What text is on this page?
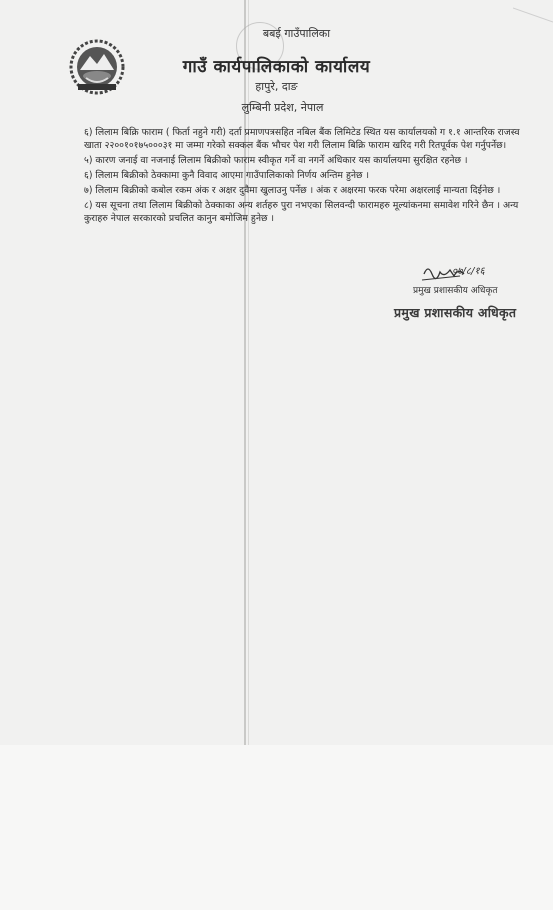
बबई गाउँपालिका
गाउँ कार्यपालिकाको कार्यालय
हापुरे, दाङ
लुम्बिनी प्रदेश, नेपाल
६) लिलाम बिक्रि फाराम ( फिर्ता नहुने गरी) दर्ता प्रमाणपत्रसहित नबिल बैंक लिमिटेड स्थित यस कार्यालयको ग १.१ आन्तरिक राजस्व खाता २२००१०१७५०००३१ मा जम्मा गरेको सक्कल बैंक भौचर पेश गरी लिलाम बिक्रि फाराम खरिद गरी रितपूर्वक पेश गर्नुपर्नेछ।
५) कारण जनाई वा नजनाई लिलाम बिक्रीको फाराम स्वीकृत गर्ने वा नगर्ने अधिकार यस कार्यालयमा सुरक्षित रहनेछ ।
६) लिलाम बिक्रीको ठेक्कामा कुनै विवाद आएमा गाउँपालिकाको निर्णय अन्तिम हुनेछ ।
७) लिलाम बिक्रीको कबोल रकम अंक र अक्षर दुवैमा खुलाउनु पर्नेछ । अंक र अक्षरमा फरक परेमा अक्षरलाई मान्यता दिईनेछ ।
८) यस सूचना तथा लिलाम बिक्रीको ठेक्काका अन्य शर्तहरु पुरा नभएका सिलवन्दी फारामहरु मूल्यांकनमा समावेश गरिने छैन । अन्य कुराहरु नेपाल सरकारको प्रचलित कानुन बमोजिम हुनेछ ।
०७/८/१६
प्रमुख प्रशासकीय अधिकृत
प्रमुख प्रशासकीय अधिकृत
